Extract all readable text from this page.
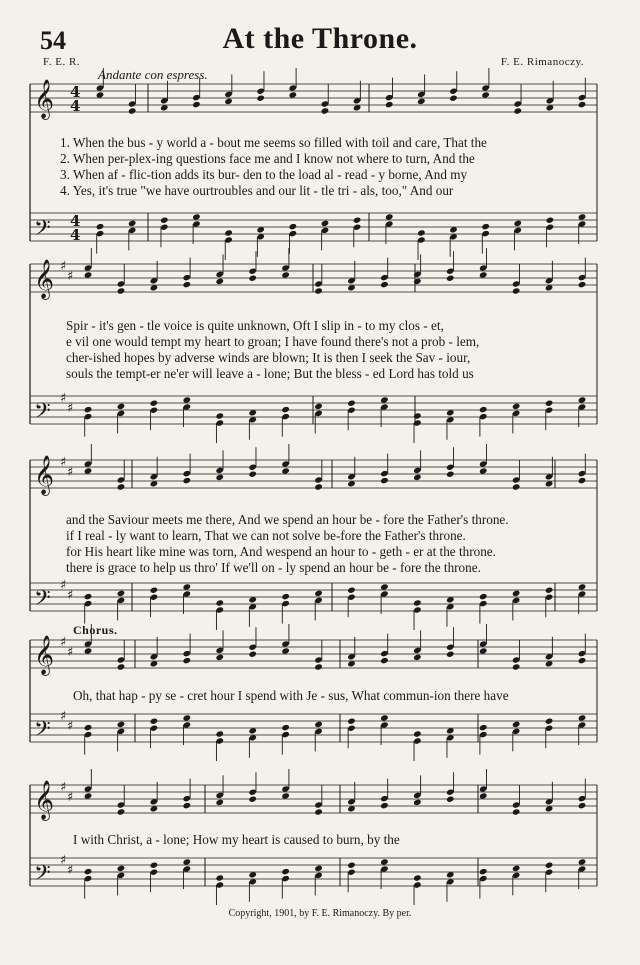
54	At the Throne.
F. E. R.	F. E. Rimanoczy.
Andante con espress.
𝄞 4
4
𝄢 4
4
𝄞 ♯
♯
𝄢
♯
♯
𝄞 ♯
♯
𝄢
♯
♯
𝄞 ♯
♯
𝄢
♯
♯
𝄞 ♯
♯
𝄢
♯
♯
Chorus.
1. When the bus - y world a - bout me seems so filled with toil and care, That the
2. When per-plex-ing questions face me and I know not where to turn, And the
3. When af - flic-tion adds its bur- den to the load al - read - y borne, And my
4. Yes, it's true "we have ourtroubles and our lit - tle tri - als, too," And our
Spir - it's gen - tle voice is quite unknown, Oft I slip in - to my clos - et,
e vil one would tempt my heart to groan; I have found there's not a prob - lem,
cher-ished hopes by adverse winds are blown; It is then I seek the Sav - iour,
souls the tempt-er ne'er will leave a - lone; But the bless - ed Lord has told us
and the Saviour meets me there, And we spend an hour be - fore the Father's throne.
if I real - ly want to learn, That we can not solve be-fore the Father's throne.
for His heart like mine was torn, And wespend an hour to - geth - er at the throne.
there is grace to help us thro' If we'll on - ly spend an hour be - fore the throne.
Oh, that hap - py se - cret hour I spend with Je - sus, What commun-ion there have
I with Christ, a - lone; How my heart is caused to burn, by the
Copyright, 1901, by F. E. Rimanoczy. By per.
